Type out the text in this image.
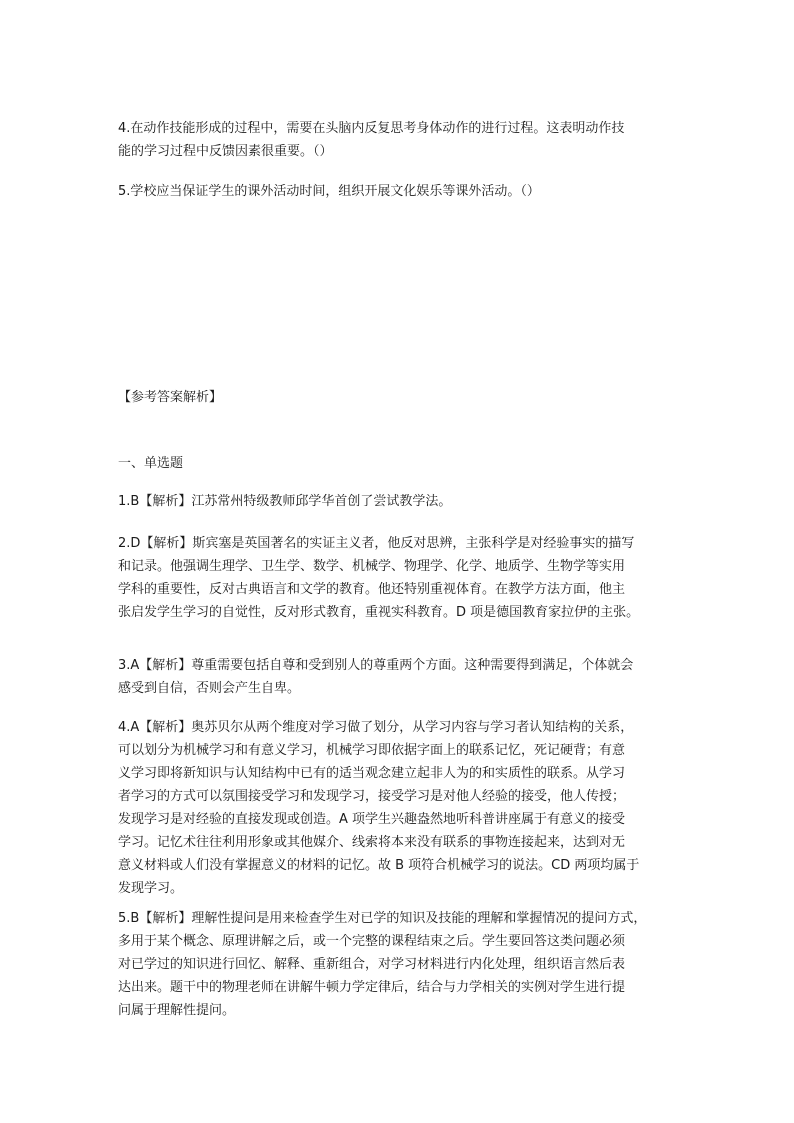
4.在动作技能形成的过程中，需要在头脑内反复思考身体动作的进行过程。这表明动作技
能的学习过程中反馈因素很重要。（）

5.学校应当保证学生的课外活动时间，组织开展文化娱乐等课外活动。（）

【参考答案解析】

一、单选题

1.B【解析】江苏常州特级教师邱学华首创了尝试教学法。

2.D【解析】斯宾塞是英国著名的实证主义者，他反对思辨，主张科学是对经验事实的描写
和记录。他强调生理学、卫生学、数学、机械学、物理学、化学、地质学、生物学等实用
学科的重要性，反对古典语言和文学的教育。他还特别重视体育。在教学方法方面，他主
张启发学生学习的自觉性，反对形式教育，重视实科教育。D 项是德国教育家拉伊的主张。

3.A【解析】尊重需要包括自尊和受到别人的尊重两个方面。这种需要得到满足，个体就会
感受到自信，否则会产生自卑。

4.A【解析】奥苏贝尔从两个维度对学习做了划分，从学习内容与学习者认知结构的关系，
可以划分为机械学习和有意义学习，机械学习即依据字面上的联系记忆，死记硬背；有意
义学习即将新知识与认知结构中已有的适当观念建立起非人为的和实质性的联系。从学习
者学习的方式可以氛围接受学习和发现学习，接受学习是对他人经验的接受，他人传授；
发现学习是对经验的直接发现或创造。A 项学生兴趣盎然地听科普讲座属于有意义的接受
学习。记忆术往往利用形象或其他媒介、线索将本来没有联系的事物连接起来，达到对无
意义材料或人们没有掌握意义的材料的记忆。故 B 项符合机械学习的说法。CD 两项均属于
发现学习。

5.B【解析】理解性提问是用来检查学生对已学的知识及技能的理解和掌握情况的提问方式，
多用于某个概念、原理讲解之后，或一个完整的课程结束之后。学生要回答这类问题必须
对已学过的知识进行回忆、解释、重新组合，对学习材料进行内化处理，组织语言然后表
达出来。题干中的物理老师在讲解牛顿力学定律后，结合与力学相关的实例对学生进行提
问属于理解性提问。
